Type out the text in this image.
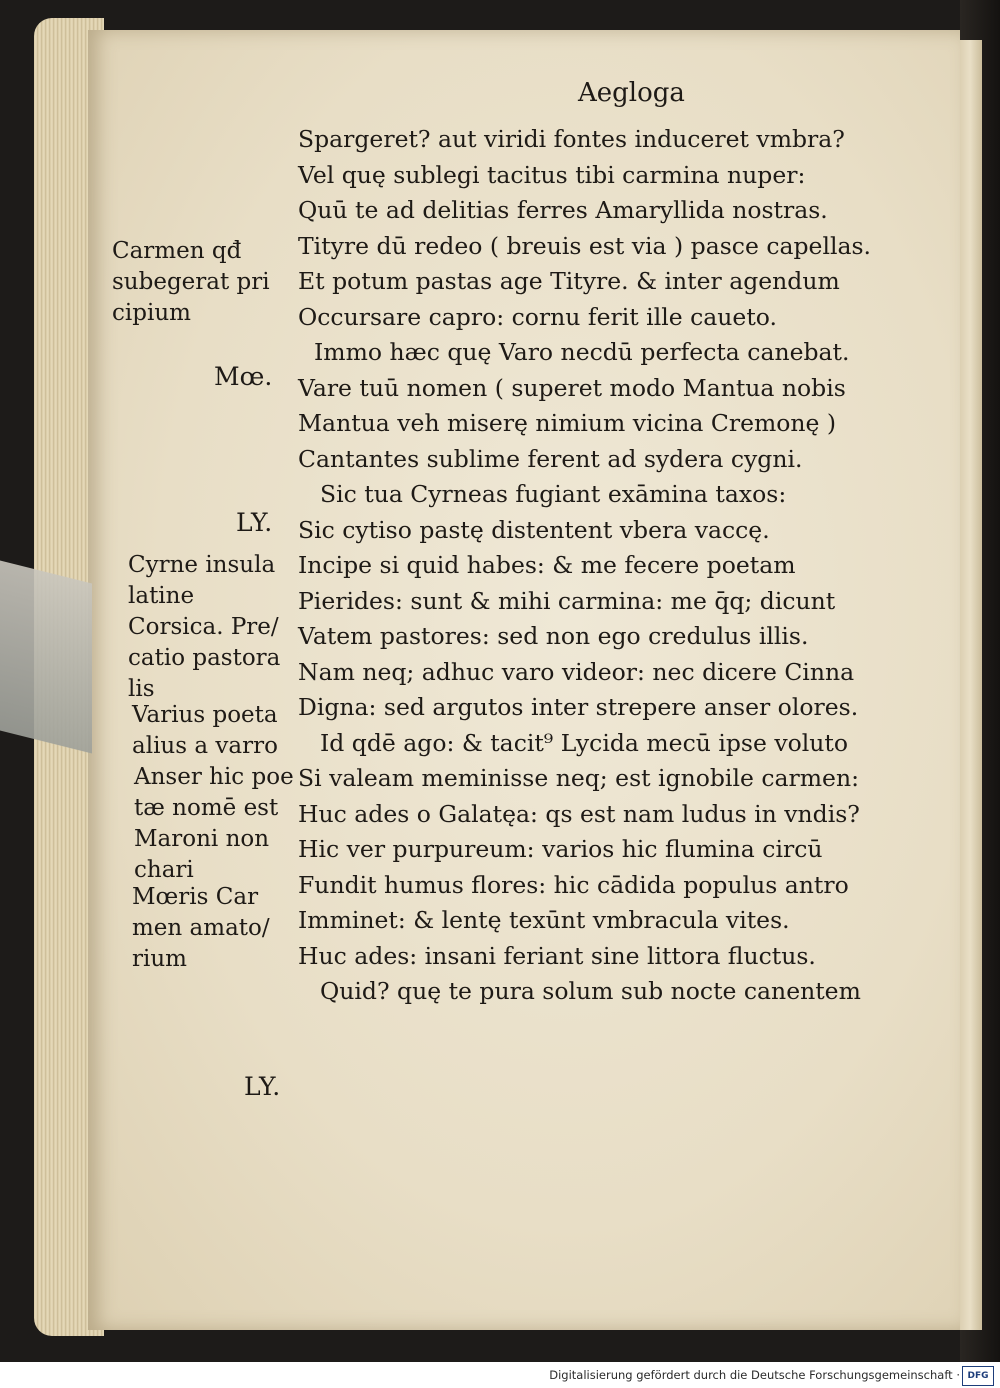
Aegloga
Spargeret? aut viridi fontes induceret vmbra?
Vel quę sublegi tacitus tibi carmina nuper:
Quū te ad delitias ferres Amaryllida nostras.
Tityre dū redeo ( breuis est via ) pasce capellas.
Et potum pastas age Tityre. & inter agendum
Occursare capro: cornu ferit ille caueto.
Immo hæc quę Varo necdū perfecta canebat.
Vare tuū nomen ( superet modo Mantua nobis
Mantua veh miserę nimium vicina Cremonę )
Cantantes sublime ferent ad sydera cygni.
Sic tua Cyrneas fugiant exāmina taxos:
Sic cytiso pastę distentent vbera vaccę.
Incipe si quid habes: & me fecere poetam
Pierides: sunt & mihi carmina: me q̄q; dicunt
Vatem pastores: sed non ego credulus illis.
Nam neq; adhuc varo videor: nec dicere Cinna
Digna: sed argutos inter strepere anser olores.
Id qdē ago: & tacit⁹ Lycida mecū ipse voluto
Si valeam meminisse neq; est ignobile carmen:
Huc ades o Galatęa: qs est nam ludus in vndis?
Hic ver purpureum: varios hic flumina circū
Fundit humus flores: hic cādida populus antro
Imminet: & lentę texūnt vmbracula vites.
Huc ades: insani feriant sine littora fluctus.
Quid? quę te pura solum sub nocte canentem
Mœ.
LY.
LY.
Carmen qđ
subegerat pri
cipium
Cyrne insula
latine
Corsica. Pre/
catio pastora
lis
Varius poeta
alius a varro
Anser hic poe
tæ nomē est
Maroni non
chari
Mœris Car
men amato/
rium
Digitalisierung gefördert durch die Deutsche Forschungsgemeinschaft · DFG
